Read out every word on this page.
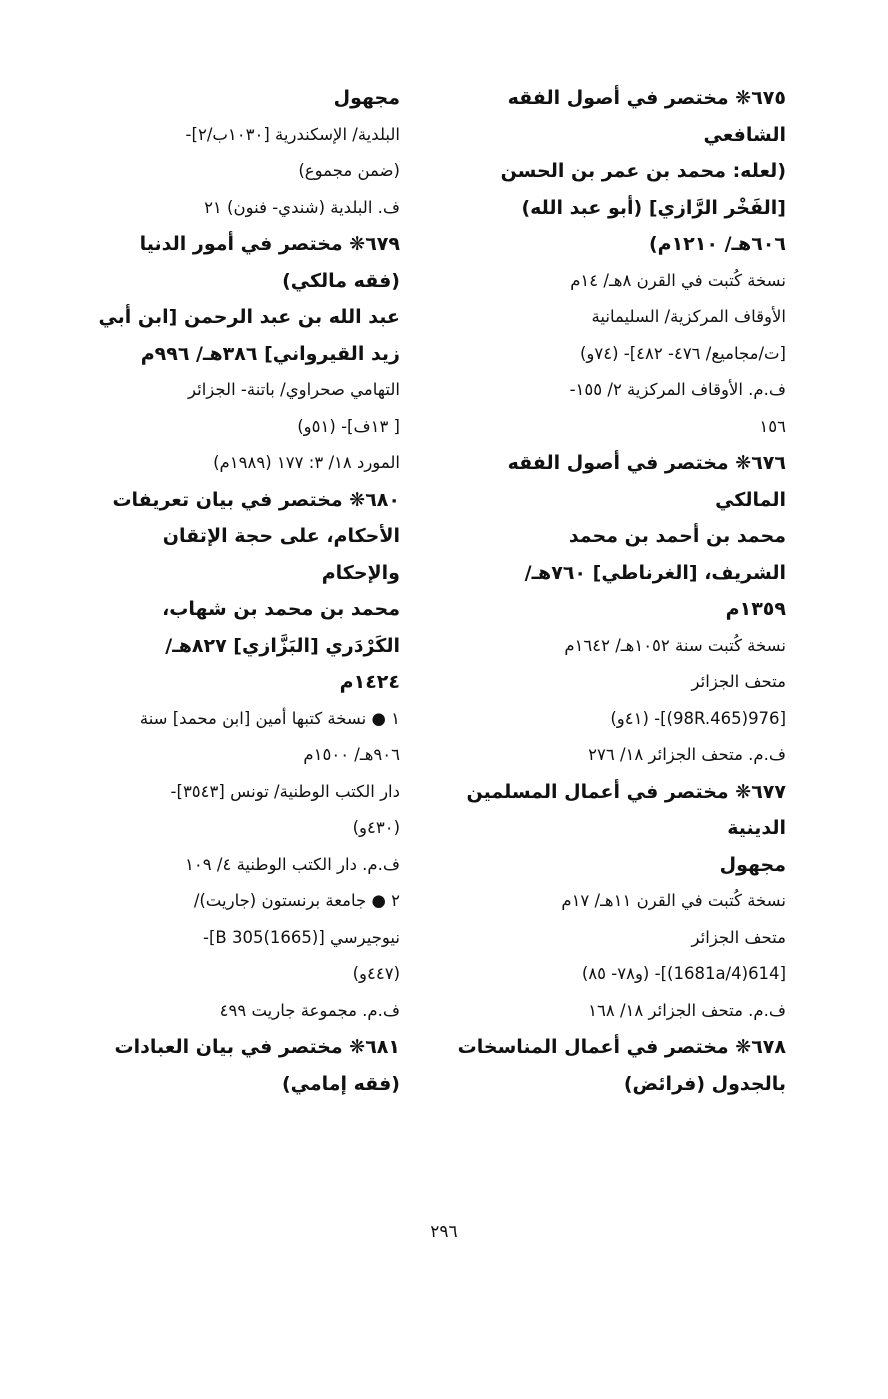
٦٧٥❋ مختصر في أصول الفقه
الشافعي
(لعله: محمد بن عمر بن الحسن
[الفَخْر الرَّازي] (أبو عبد الله)
٦٠٦هـ/ ١٢١٠م)
نسخة كُتبت في القرن ٨هـ/ ١٤م
الأوقاف المركزية/ السليمانية
[ت/مجاميع/ ٤٧٦- ٤٨٢]- (٧٤و)
ف.م. الأوقاف المركزية ٢/ ١٥٥-
١٥٦
٦٧٦❋ مختصر في أصول الفقه
المالكي
محمد بن أحمد بن محمد
الشريف، [الغرناطي] ٧٦٠هـ/
١٣٥٩م
نسخة كُتبت سنة ١٠٥٢هـ/ ١٦٤٢م
متحف الجزائر
[976(98R.465)]- (٤١و)
ف.م. متحف الجزائر ١٨/ ٢٧٦
٦٧٧❋ مختصر في أعمال المسلمين
الدينية
مجهول
نسخة كُتبت في القرن ١١هـ/ ١٧م
متحف الجزائر
[614(1681a/4)]- (و٧٨- ٨٥)
ف.م. متحف الجزائر ١٨/ ١٦٨
٦٧٨❋ مختصر في أعمال المناسخات
بالجدول (فرائض)
مجهول
البلدية/ الإسكندرية [١٠٣٠ب/٢]-
(ضمن مجموع)
ف. البلدية (شندي- فنون) ٢١
٦٧٩❋ مختصر في أمور الدنيا
(فقه مالكي)
عبد الله بن عبد الرحمن [ابن أبي
زيد القيرواني] ٣٨٦هـ/ ٩٩٦م
التهامي صحراوي/ باتنة- الجزائر
[ ١٣ف]- (٥١و)
المورد ١٨/ ٣: ١٧٧ (١٩٨٩م)
٦٨٠❋ مختصر في بيان تعريفات
الأحكام، على حجة الإتقان
والإحكام
محمد بن محمد بن شهاب،
الكَرْدَري [البَزَّازي] ٨٢٧هـ/
١٤٢٤م
١ ● نسخة كتبها أمين [ابن محمد] سنة
٩٠٦هـ/ ١٥٠٠م
دار الكتب الوطنية/ تونس [٣٥٤٣]-
(٤٣٠و)
ف.م. دار الكتب الوطنية ٤/ ١٠٩
٢ ● جامعة برنستون (جاريت)/
نيوجيرسي [B 305(1665)]-
(٤٤٧و)
ف.م. مجموعة جاريت ٤٩٩
٦٨١❋ مختصر في بيان العبادات
(فقه إمامي)
٢٩٦
